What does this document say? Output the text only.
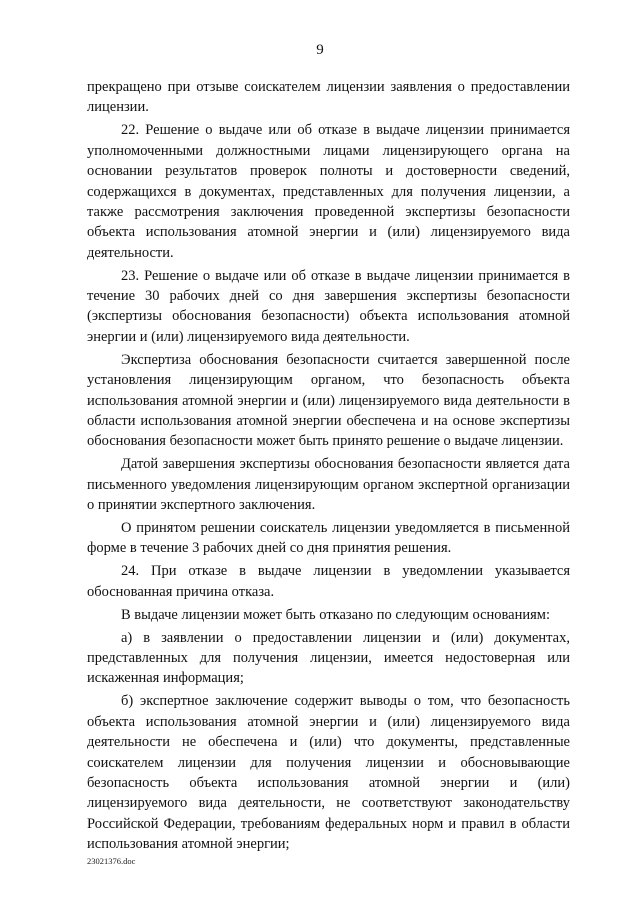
9

прекращено при отзыве соискателем лицензии заявления о предоставлении лицензии.

22. Решение о выдаче или об отказе в выдаче лицензии принимается уполномоченными должностными лицами лицензирующего органа на основании результатов проверок полноты и достоверности сведений, содержащихся в документах, представленных для получения лицензии, а также рассмотрения заключения проведенной экспертизы безопасности объекта использования атомной энергии и (или) лицензируемого вида деятельности.

23. Решение о выдаче или об отказе в выдаче лицензии принимается в течение 30 рабочих дней со дня завершения экспертизы безопасности (экспертизы обоснования безопасности) объекта использования атомной энергии и (или) лицензируемого вида деятельности.

Экспертиза обоснования безопасности считается завершенной после установления лицензирующим органом, что безопасность объекта использования атомной энергии и (или) лицензируемого вида деятельности в области использования атомной энергии обеспечена и на основе экспертизы обоснования безопасности может быть принято решение о выдаче лицензии.

Датой завершения экспертизы обоснования безопасности является дата письменного уведомления лицензирующим органом экспертной организации о принятии экспертного заключения.

О принятом решении соискатель лицензии уведомляется в письменной форме в течение 3 рабочих дней со дня принятия решения.

24. При отказе в выдаче лицензии в уведомлении указывается обоснованная причина отказа.

В выдаче лицензии может быть отказано по следующим основаниям:

а) в заявлении о предоставлении лицензии и (или) документах, представленных для получения лицензии, имеется недостоверная или искаженная информация;

б) экспертное заключение содержит выводы о том, что безопасность объекта использования атомной энергии и (или) лицензируемого вида деятельности не обеспечена и (или) что документы, представленные соискателем лицензии для получения лицензии и обосновывающие безопасность объекта использования атомной энергии и (или) лицензируемого вида деятельности, не соответствуют законодательству Российской Федерации, требованиям федеральных норм и правил в области использования атомной энергии;

23021376.doc
